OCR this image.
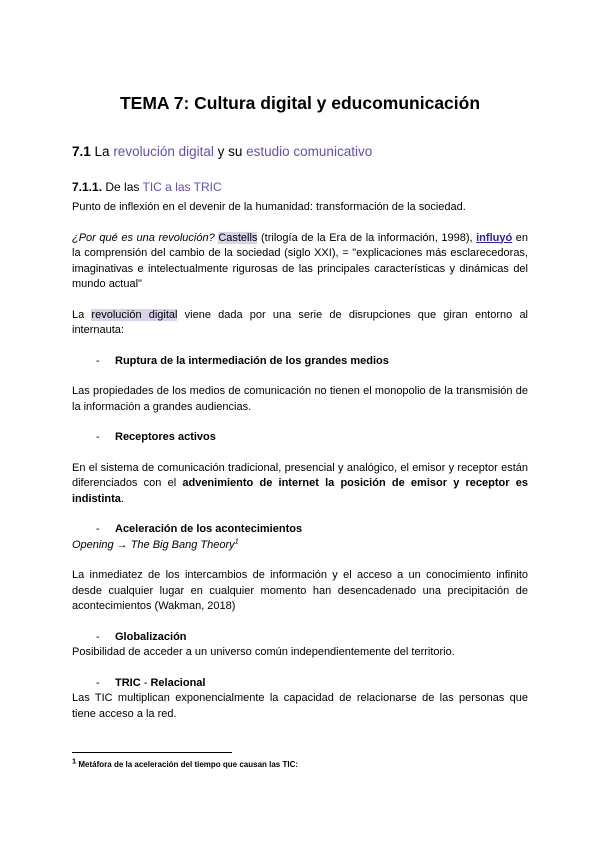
TEMA 7: Cultura digital y educomunicación
7.1 La revolución digital y su estudio comunicativo
7.1.1. De las TIC a las TRIC
Punto de inflexión en el devenir de la humanidad: transformación de la sociedad.
¿Por qué es una revolución? Castells (trilogía de la Era de la información, 1998), influyó en la comprensión del cambio de la sociedad (siglo XXI), = "explicaciones más esclarecedoras, imaginativas e intelectualmente rigurosas de las principales características y dinámicas del mundo actual"
La revolución digital viene dada por una serie de disrupciones que giran entorno al internauta:
-	Ruptura de la intermediación de los grandes medios
Las propiedades de los medios de comunicación no tienen el monopolio de la transmisión de la información a grandes audiencias.
-	Receptores activos
En el sistema de comunicación tradicional, presencial y analógico, el emisor y receptor están diferenciados con el advenimiento de internet la posición de emisor y receptor es indistinta.
-	Aceleración de los acontecimientos
Opening → The Big Bang Theory$^1$
La inmediatez de los intercambios de información y el acceso a un conocimiento infinito desde cualquier lugar en cualquier momento han desencadenado una precipitación de acontecimientos (Wakman, 2018)
-	Globalización
Posibilidad de acceder a un universo común independientemente del territorio.
-	TRIC - Relacional
Las TIC multiplican exponencialmente la capacidad de relacionarse de las personas que tiene acceso a la red.
$^1$ Metáfora de la aceleración del tiempo que causan las TIC:
